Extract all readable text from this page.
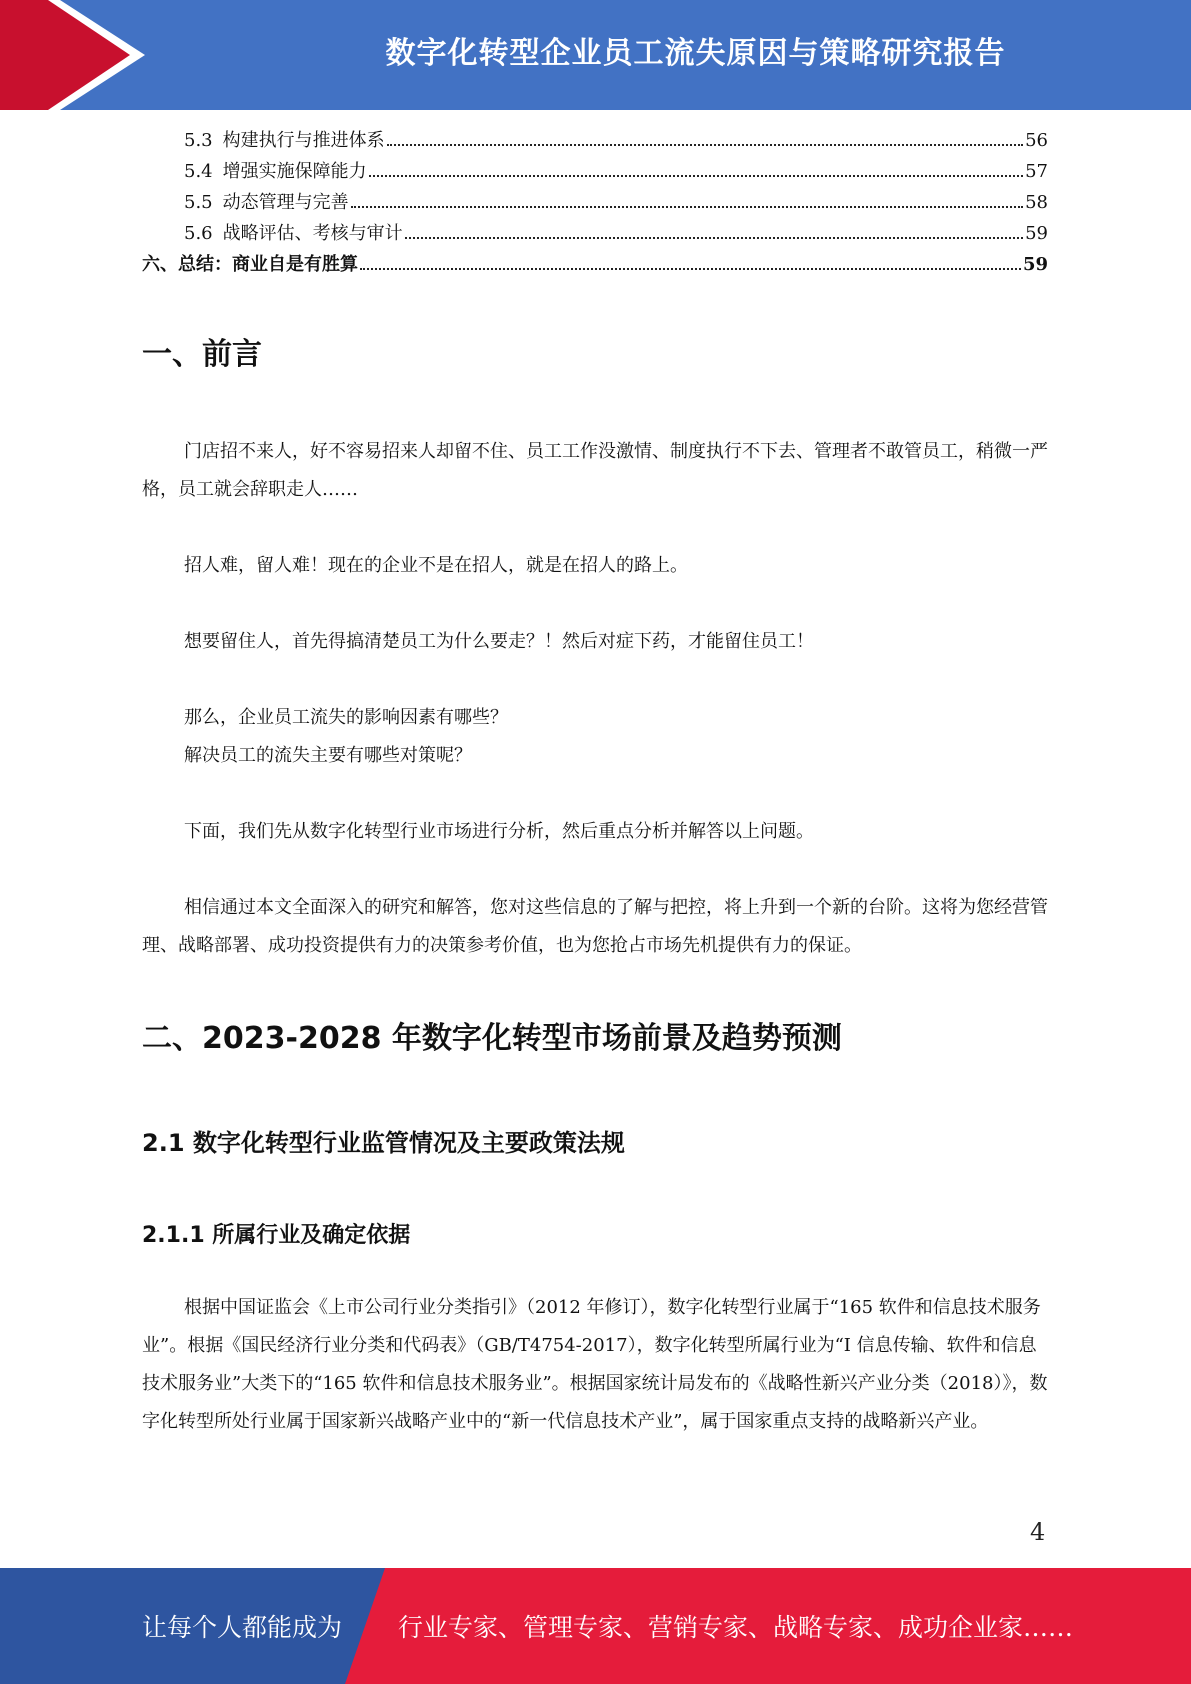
数字化转型企业员工流失原因与策略研究报告
5.3 构建执行与推进体系	56
5.4 增强实施保障能力	57
5.5 动态管理与完善	58
5.6 战略评估、考核与审计	59
六、总结：商业自是有胜算	59
一、前言

门店招不来人，好不容易招来人却留不住、员工工作没激情、制度执行不下去、管理者不敢管员工，稍微一严格，员工就会辞职走人……

招人难，留人难！现在的企业不是在招人，就是在招人的路上。

想要留住人，首先得搞清楚员工为什么要走？！然后对症下药，才能留住员工！

那么，企业员工流失的影响因素有哪些？

解决员工的流失主要有哪些对策呢？

下面，我们先从数字化转型行业市场进行分析，然后重点分析并解答以上问题。

相信通过本文全面深入的研究和解答，您对这些信息的了解与把控，将上升到一个新的台阶。这将为您经营管理、战略部署、成功投资提供有力的决策参考价值，也为您抢占市场先机提供有力的保证。

二、2023-2028 年数字化转型市场前景及趋势预测
2.1 数字化转型行业监管情况及主要政策法规
2.1.1 所属行业及确定依据

根据中国证监会《上市公司行业分类指引》（2012 年修订），数字化转型行业属于“165 软件和信息技术服务业”。根据《国民经济行业分类和代码表》（GB/T4754-2017），数字化转型所属行业为“I 信息传输、软件和信息技术服务业”大类下的“165 软件和信息技术服务业”。根据国家统计局发布的《战略性新兴产业分类（2018）》，数字化转型所处行业属于国家新兴战略产业中的“新一代信息技术产业”，属于国家重点支持的战略新兴产业。

4
让每个人都能成为 行业专家、管理专家、营销专家、战略专家、成功企业家……
